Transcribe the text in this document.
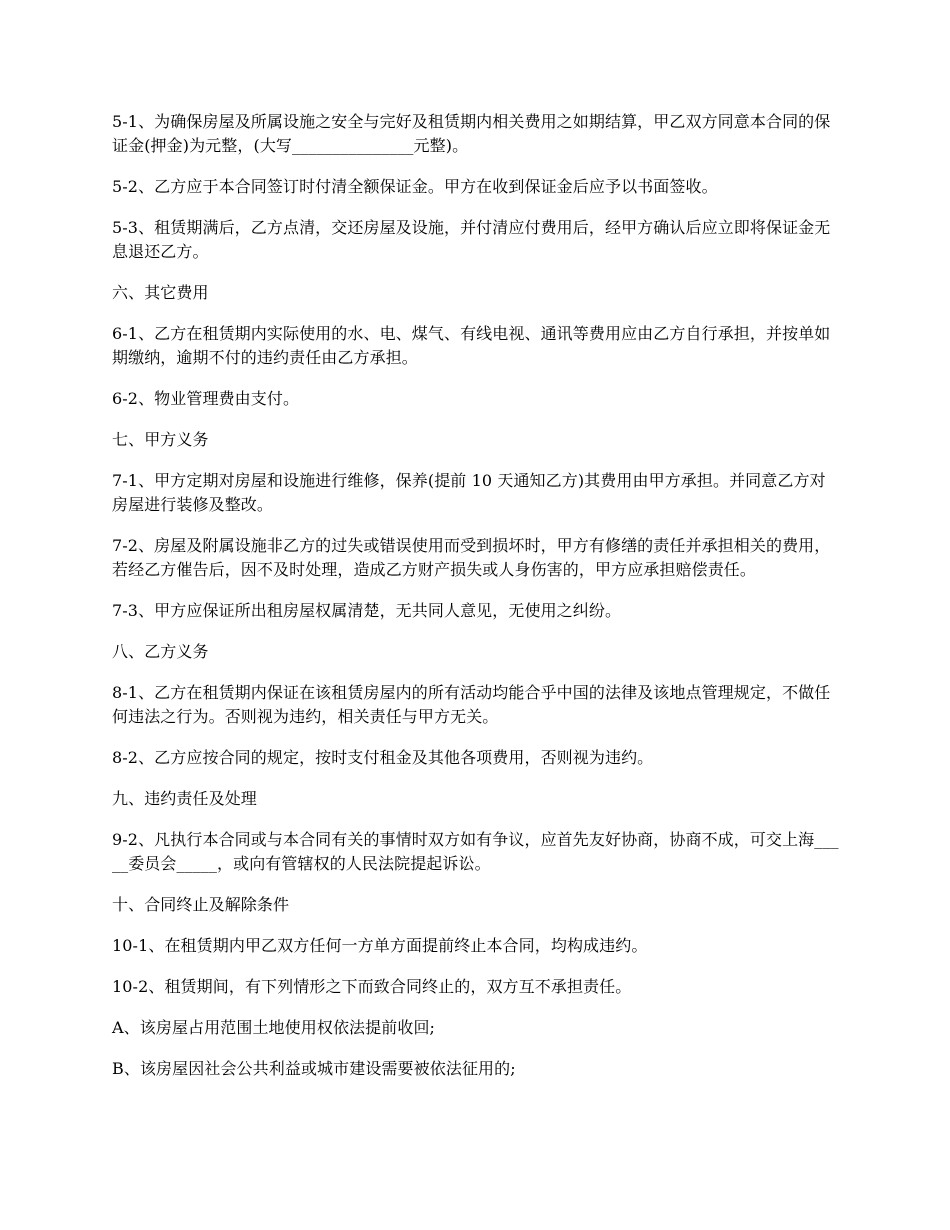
5-1、为确保房屋及所属设施之安全与完好及租赁期内相关费用之如期结算，甲乙双方同意本合同的保证金(押金)为元整，(大写_______________元整)。

5-2、乙方应于本合同签订时付清全额保证金。甲方在收到保证金后应予以书面签收。

5-3、租赁期满后，乙方点清，交还房屋及设施，并付清应付费用后，经甲方确认后应立即将保证金无息退还乙方。

六、其它费用

6-1、乙方在租赁期内实际使用的水、电、煤气、有线电视、通讯等费用应由乙方自行承担，并按单如期缴纳，逾期不付的违约责任由乙方承担。

6-2、物业管理费由支付。

七、甲方义务

7-1、甲方定期对房屋和设施进行维修，保养(提前 10 天通知乙方)其费用由甲方承担。并同意乙方对房屋进行装修及整改。

7-2、房屋及附属设施非乙方的过失或错误使用而受到损坏时，甲方有修缮的责任并承担相关的费用，若经乙方催告后，因不及时处理，造成乙方财产损失或人身伤害的，甲方应承担赔偿责任。

7-3、甲方应保证所出租房屋权属清楚，无共同人意见，无使用之纠纷。

八、乙方义务

8-1、乙方在租赁期内保证在该租赁房屋内的所有活动均能合乎中国的法律及该地点管理规定，不做任何违法之行为。否则视为违约，相关责任与甲方无关。

8-2、乙方应按合同的规定，按时支付租金及其他各项费用，否则视为违约。

九、违约责任及处理

9-2、凡执行本合同或与本合同有关的事情时双方如有争议，应首先友好协商，协商不成，可交上海_____委员会_____，或向有管辖权的人民法院提起诉讼。

十、合同终止及解除条件

10-1、在租赁期内甲乙双方任何一方单方面提前终止本合同，均构成违约。

10-2、租赁期间，有下列情形之下而致合同终止的，双方互不承担责任。

A、该房屋占用范围土地使用权依法提前收回;

B、该房屋因社会公共利益或城市建设需要被依法征用的;
